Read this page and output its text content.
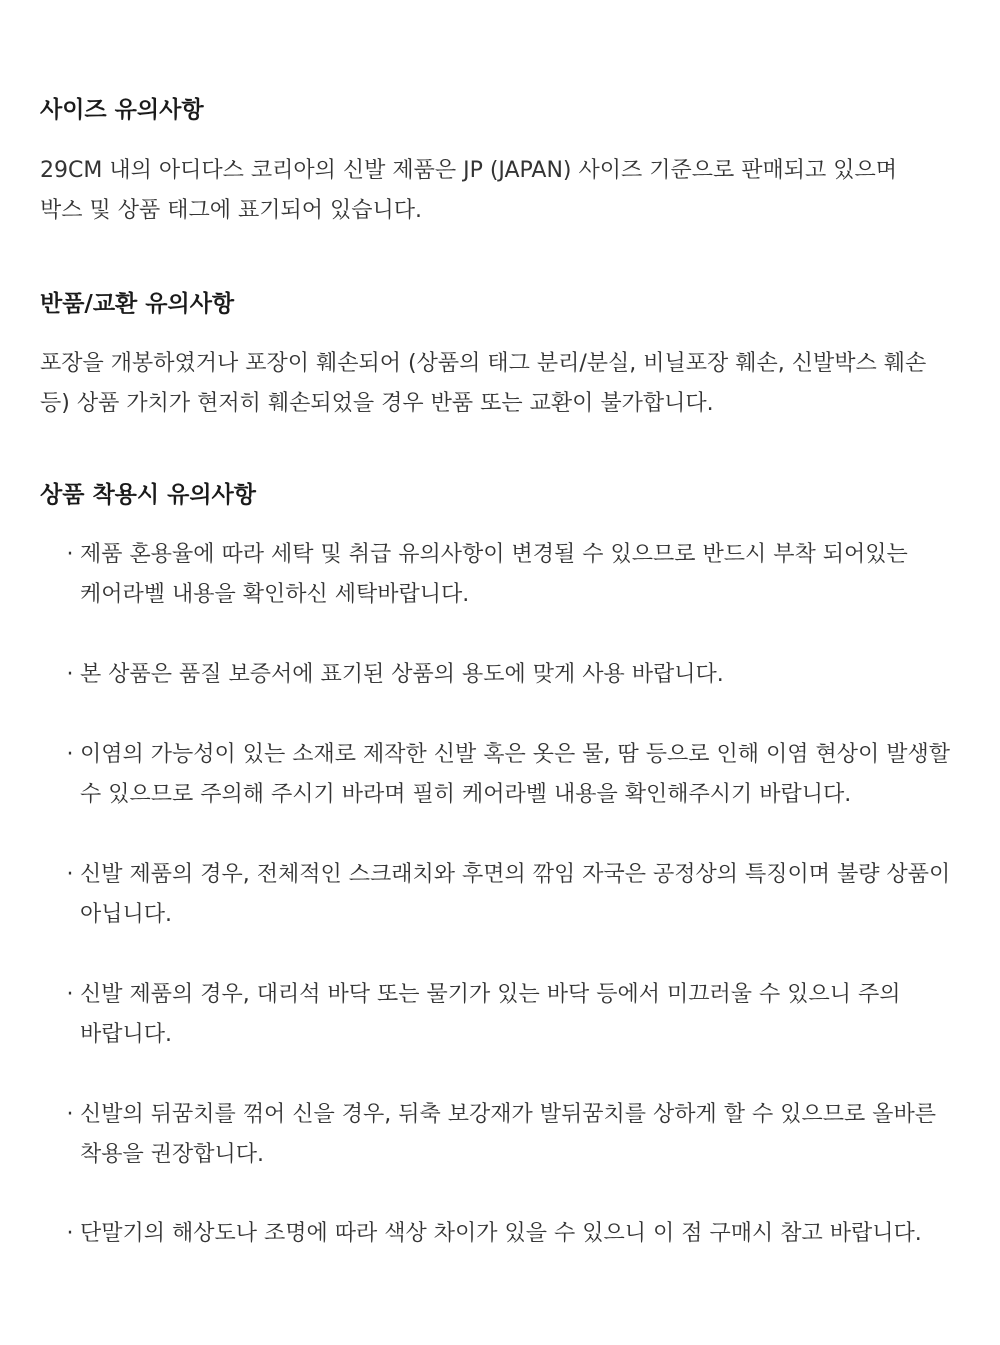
사이즈 유의사항

29CM 내의 아디다스 코리아의 신발 제품은 JP (JAPAN) 사이즈 기준으로 판매되고 있으며

박스 및 상품 태그에 표기되어 있습니다.

반품/교환 유의사항

포장을 개봉하였거나 포장이 훼손되어 (상품의 태그 분리/분실, 비닐포장 훼손, 신발박스 훼손

등) 상품 가치가 현저히 훼손되었을 경우 반품 또는 교환이 불가합니다.

상품 착용시 유의사항
· 제품 혼용율에 따라 세탁 및 취급 유의사항이 변경될 수 있으므로 반드시 부착 되어있는

케어라벨 내용을 확인하신 세탁바랍니다.

· 본 상품은 품질 보증서에 표기된 상품의 용도에 맞게 사용 바랍니다.

· 이염의 가능성이 있는 소재로 제작한 신발 혹은 옷은 물, 땀 등으로 인해 이염 현상이 발생할

수 있으므로 주의해 주시기 바라며 필히 케어라벨 내용을 확인해주시기 바랍니다.

· 신발 제품의 경우, 전체적인 스크래치와 후면의 깎임 자국은 공정상의 특징이며 불량 상품이

아닙니다.

· 신발 제품의 경우, 대리석 바닥 또는 물기가 있는 바닥 등에서 미끄러울 수 있으니 주의

바랍니다.

· 신발의 뒤꿈치를 꺾어 신을 경우, 뒤축 보강재가 발뒤꿈치를 상하게 할 수 있으므로 올바른

착용을 권장합니다.

· 단말기의 해상도나 조명에 따라 색상 차이가 있을 수 있으니 이 점 구매시 참고 바랍니다.
